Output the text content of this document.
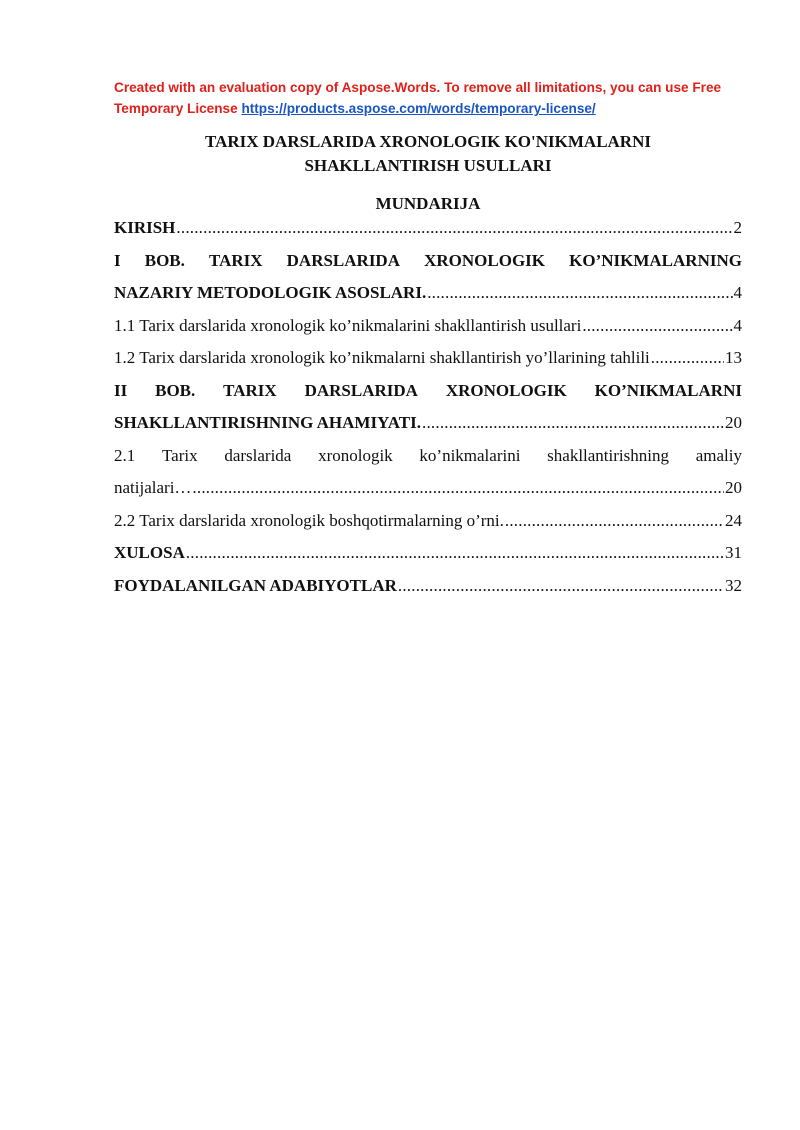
Created with an evaluation copy of Aspose.Words. To remove all limitations, you can use Free Temporary License https://products.aspose.com/words/temporary-license/
TARIX DARSLARIDA XRONOLOGIK KO'NIKMALARNI
SHAKLLANTIRISH USULLARI
MUNDARIJA
KIRISH .....	2
I BOB. TARIX DARSLARIDA XRONOLOGIK KO’NIKMALARNING
NAZARIY METODOLOGIK ASOSLARI. .....	4
1.1 Tarix darslarida xronologik ko’nikmalarini shakllantirish usullari .....	4
1.2 Tarix darslarida xronologik ko’nikmalarni shakllantirish yo’llarining tahlili .....	13
II BOB. TARIX DARSLARIDA XRONOLOGIK KO’NIKMALARNI
SHAKLLANTIRISHNING AHAMIYATI. .....	20
2.1 Tarix darslarida xronologik ko’nikmalarini shakllantirishning amaliy
natijalari… .....	20
2.2 Tarix darslarida xronologik boshqotirmalarning o’rni. .....	24
XULOSA .....	31
FOYDALANILGAN ADABIYOTLAR .....	32
